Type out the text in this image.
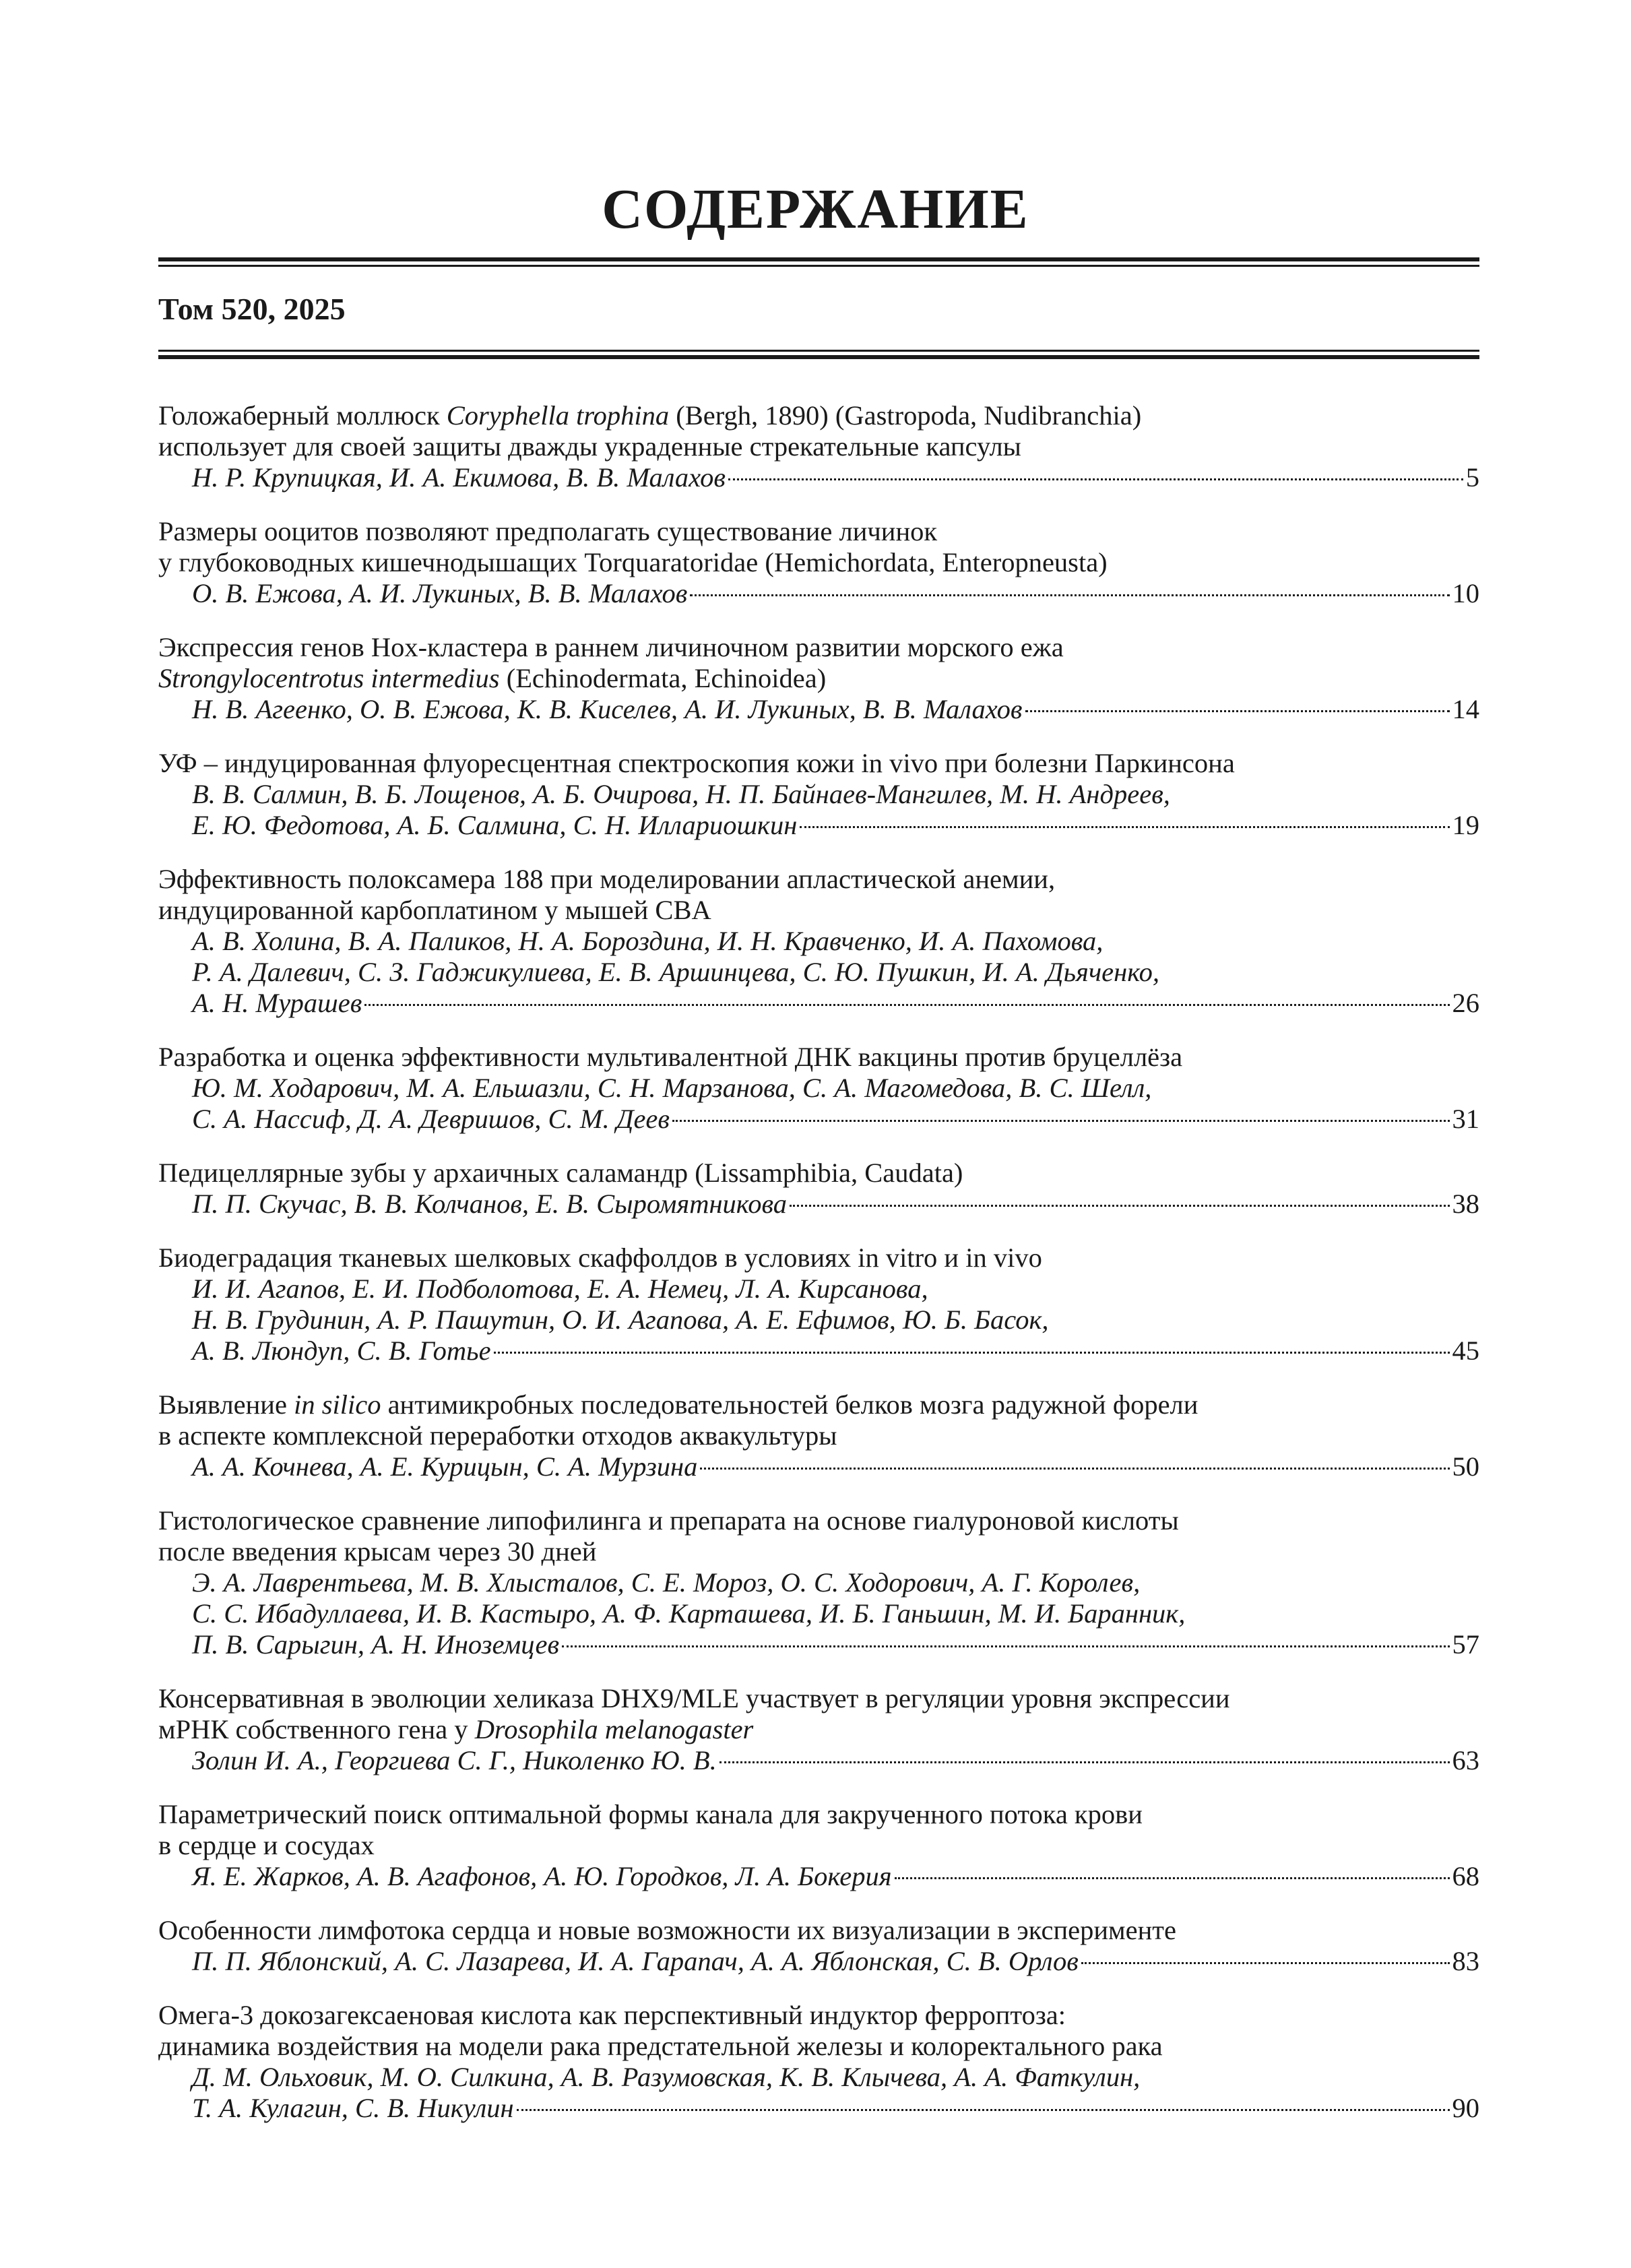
СОДЕРЖАНИЕ
Том 520, 2025
Голожаберный моллюск Coryphella trophina (Bergh, 1890) (Gastropoda, Nudibranchia)
использует для своей защиты дважды украденные стрекательные капсулы
Н. Р. Крупицкая, И. А. Екимова, В. В. Малахов	5
Размеры ооцитов позволяют предполагать существование личинок
у глубоководных кишечнодышащих Torquaratoridae (Hemichordata, Enteropneusta)
О. В. Ежова, А. И. Лукиных, В. В. Малахов	10
Экспрессия генов Hox-кластера в раннем личиночном развитии морского ежа
Strongylocentrotus intermedius (Echinodermata, Echinoidea)
Н. В. Агеенко, О. В. Ежова, К. В. Киселев, А. И. Лукиных, В. В. Малахов	14
УФ – индуцированная флуоресцентная спектроскопия кожи in vivo при болезни Паркинсона
В. В. Салмин, В. Б. Лощенов, А. Б. Очирова, Н. П. Байнаев-Мангилев, М. Н. Андреев,
Е. Ю. Федотова, А. Б. Салмина, С. Н. Иллариошкин	19
Эффективность полоксамера 188 при моделировании апластической анемии,
индуцированной карбоплатином у мышей CBA
А. В. Холина, В. А. Паликов, Н. А. Бороздина, И. Н. Кравченко, И. А. Пахомова,
Р. А. Далевич, С. З. Гаджикулиева, Е. В. Аршинцева, С. Ю. Пушкин, И. А. Дьяченко,
А. Н. Мурашев	26
Разработка и оценка эффективности мультивалентной ДНК вакцины против бруцеллёза
Ю. М. Ходарович, М. А. Ельшазли, С. Н. Марзанова, С. А. Магомедова, В. С. Шелл,
С. А. Нассиф, Д. А. Девришов, С. М. Деев	31
Педицеллярные зубы у архаичных саламандр (Lissamphibia, Caudata)
П. П. Скучас, В. В. Колчанов, Е. В. Сыромятникова	38
Биодеградация тканевых шелковых скаффолдов в условиях in vitro и in vivo
И. И. Агапов, Е. И. Подболотова, Е. А. Немец, Л. А. Кирсанова,
Н. В. Грудинин, А. Р. Пашутин, О. И. Агапова, А. Е. Ефимов, Ю. Б. Басок,
А. В. Люндуп, С. В. Готье	45
Выявление in silico антимикробных последовательностей белков мозга радужной форели
в аспекте комплексной переработки отходов аквакультуры
А. А. Кочнева, А. Е. Курицын, С. А. Мурзина	50
Гистологическое сравнение липофилинга и препарата на основе гиалуроновой кислоты
после введения крысам через 30 дней
Э. А. Лаврентьева, М. В. Хлысталов, С. Е. Мороз, О. С. Ходорович, А. Г. Королев,
С. С. Ибадуллаева, И. В. Кастыро, А. Ф. Карташева, И. Б. Ганьшин, М. И. Баранник,
П. В. Сарыгин, А. Н. Иноземцев	57
Консервативная в эволюции хеликаза DHX9/MLE участвует в регуляции уровня экспрессии
мРНК собственного гена у Drosophila melanogaster
Золин И. А., Георгиева С. Г., Николенко Ю. В.	63
Параметрический поиск оптимальной формы канала для закрученного потока крови
в сердце и сосудах
Я. Е. Жарков, А. В. Агафонов, А. Ю. Городков, Л. А. Бокерия	68
Особенности лимфотока сердца и новые возможности их визуализации в эксперименте
П. П. Яблонский, А. С. Лазарева, И. А. Гарапач, А. А. Яблонская, С. В. Орлов	83
Омега-3 докозагексаеновая кислота как перспективный индуктор ферроптоза:
динамика воздействия на модели рака предстательной железы и колоректального рака
Д. М. Ольховик, М. О. Силкина, А. В. Разумовская, К. В. Клычева, А. А. Фаткулин,
Т. А. Кулагин, С. В. Никулин	90
